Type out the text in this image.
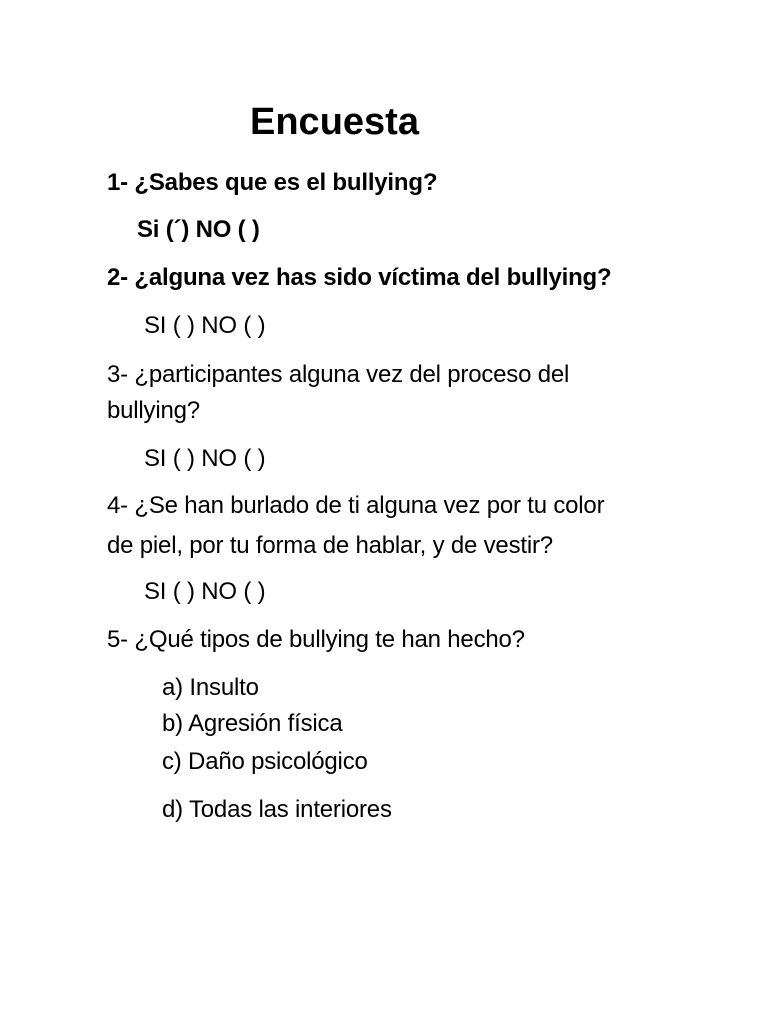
Encuesta
1- ¿Sabes que es el bullying?
Si (´) NO ( )
2- ¿alguna vez has sido víctima del bullying?
SI ( ) NO ( )
3- ¿participantes alguna vez del proceso del
bullying?
SI ( ) NO ( )
4- ¿Se han burlado de ti alguna vez por tu color
de piel, por tu forma de hablar, y de vestir?
SI ( ) NO ( )
5- ¿Qué tipos de bullying te han hecho?
a) Insulto
b) Agresión física
c) Daño psicológico
d) Todas las interiores
